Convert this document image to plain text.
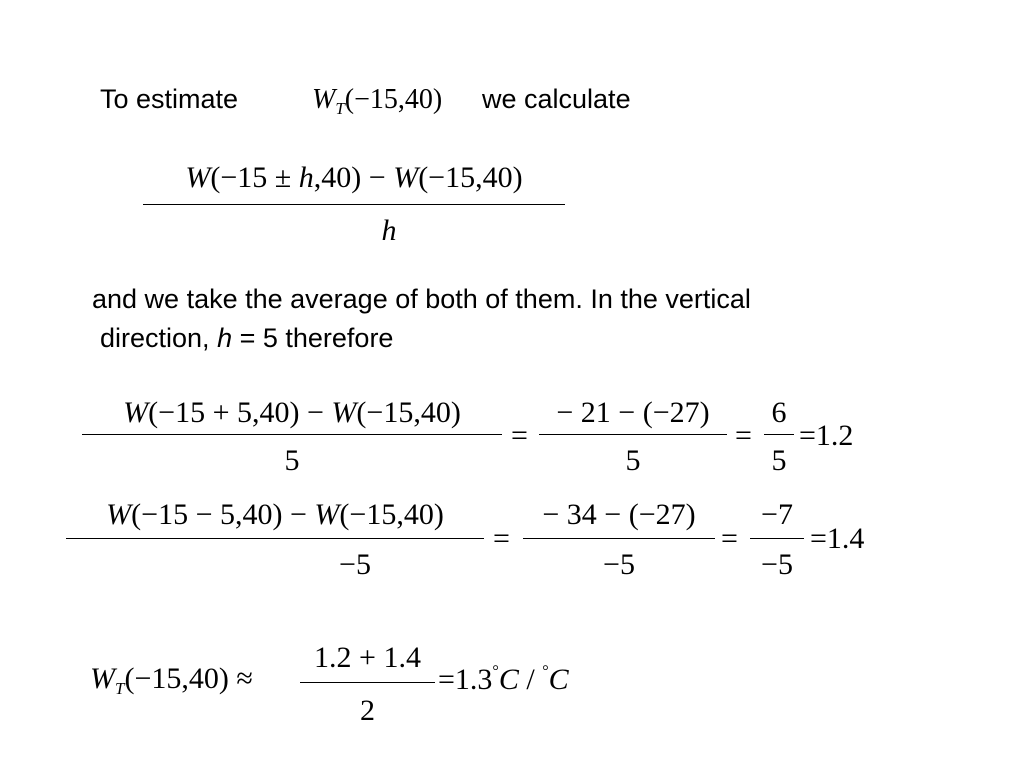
To estimate	$W_T(-15,40)$ we calculate
W(−15 ± h,40) − W(−15,40)
h
and we take the average of both of them. In the vertical
direction, h = 5 therefore
W(−15 + 5,40) − W(−15,40)
5
=
− 21 − (−27)
5
=
6
5
=1.2
W(−15 − 5,40) − W(−15,40)
−5
=
− 34 − (−27)
−5
=
−7
−5
=1.4
$W_T(-15,40)$ ≈
1.2 + 1.4
2
=1.3°C / °C
